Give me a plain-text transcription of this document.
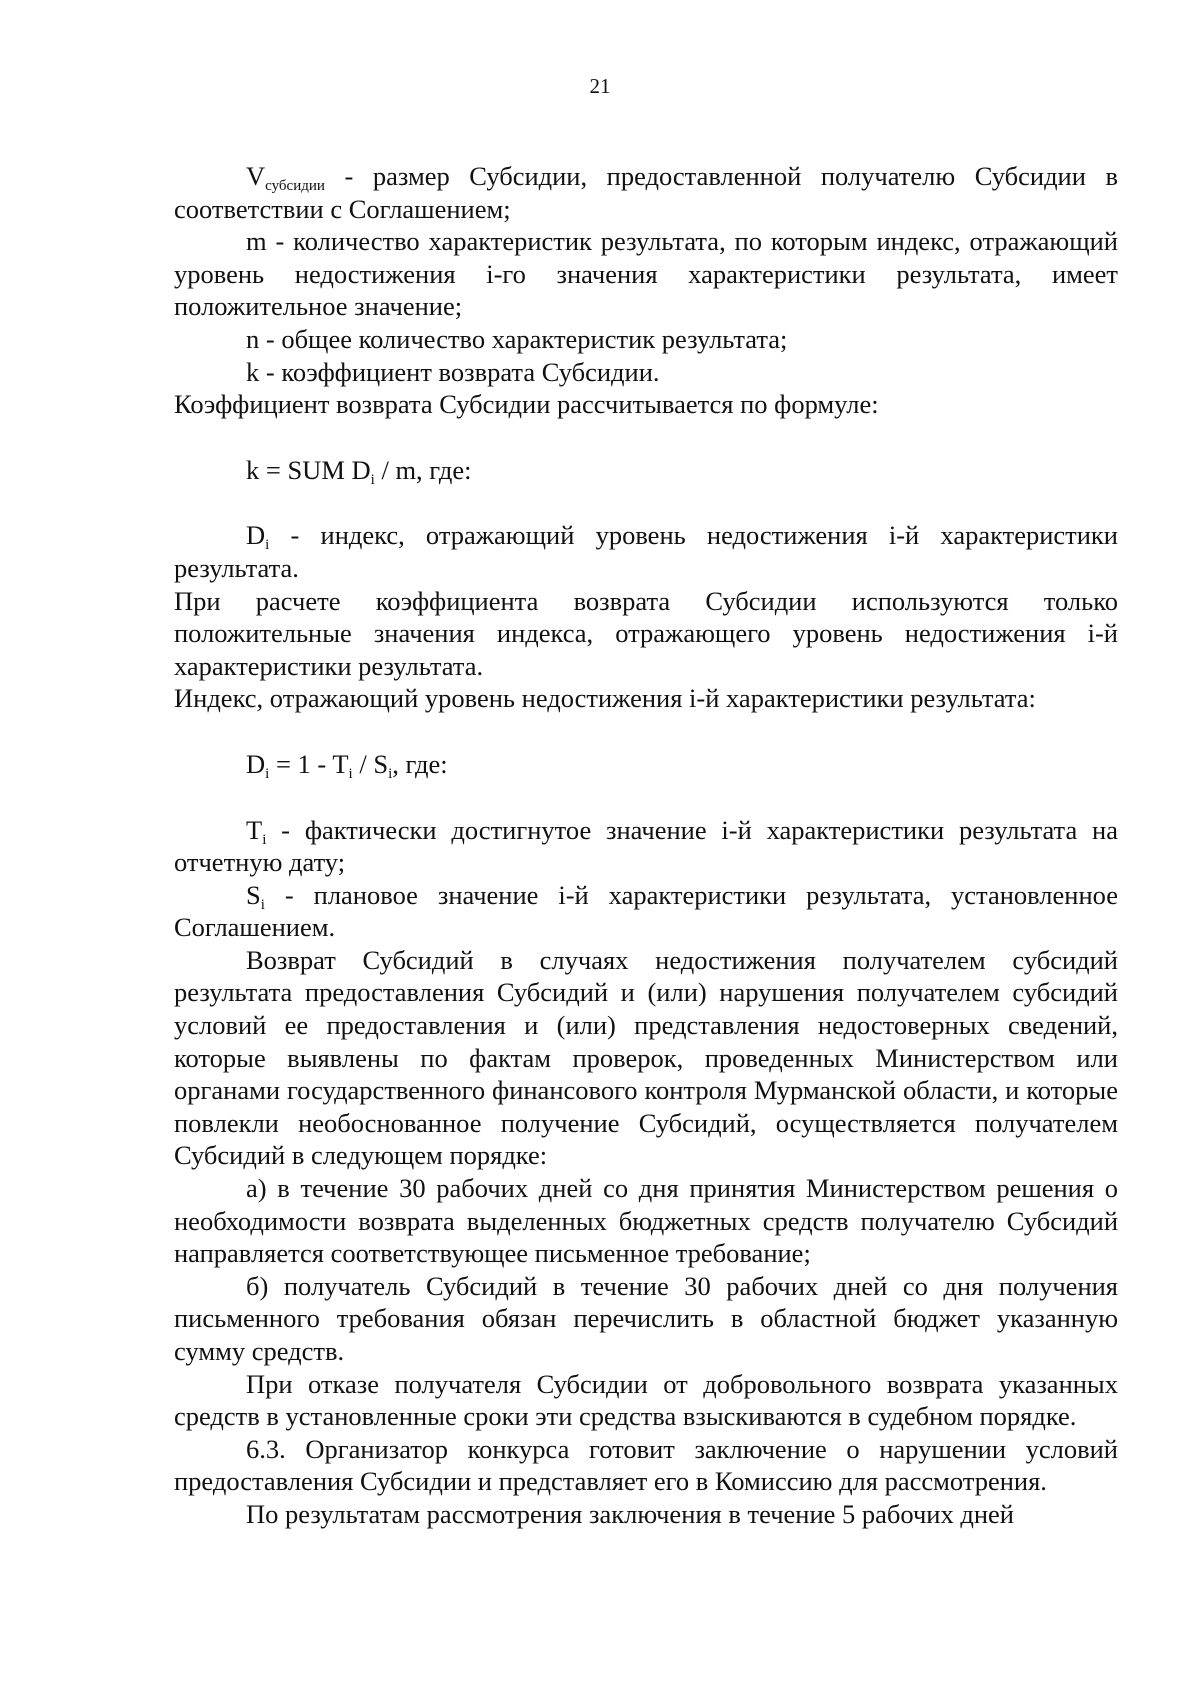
21

$V_{субсидии}$ - размер Субсидии, предоставленной получателю Субсидии в соответствии с Соглашением;

m - количество характеристик результата, по которым индекс, отражающий уровень недостижения i-го значения характеристики результата, имеет положительное значение;

n - общее количество характеристик результата;

k - коэффициент возврата Субсидии.

Коэффициент возврата Субсидии рассчитывается по формуле:

k = SUM $D_i$ / m, где:

$D_i$ - индекс, отражающий уровень недостижения i-й характеристики результата.

При расчете коэффициента возврата Субсидии используются только положительные значения индекса, отражающего уровень недостижения i-й характеристики результата.

Индекс, отражающий уровень недостижения i-й характеристики результата:

$D_i = 1 - T_i / S_i$, где:

$T_i$ - фактически достигнутое значение i-й характеристики результата на отчетную дату;

$S_i$ - плановое значение i-й характеристики результата, установленное Соглашением.

Возврат Субсидий в случаях недостижения получателем субсидий результата предоставления Субсидий и (или) нарушения получателем субсидий условий ее предоставления и (или) представления недостоверных сведений, которые выявлены по фактам проверок, проведенных Министерством или органами государственного финансового контроля Мурманской области, и которые повлекли необоснованное получение Субсидий, осуществляется получателем Субсидий в следующем порядке:

а) в течение 30 рабочих дней со дня принятия Министерством решения о необходимости возврата выделенных бюджетных средств получателю Субсидий направляется соответствующее письменное требование;

б) получатель Субсидий в течение 30 рабочих дней со дня получения письменного требования обязан перечислить в областной бюджет указанную сумму средств.

При отказе получателя Субсидии от добровольного возврата указанных средств в установленные сроки эти средства взыскиваются в судебном порядке.

6.3. Организатор конкурса готовит заключение о нарушении условий предоставления Субсидии и представляет его в Комиссию для рассмотрения.

По результатам рассмотрения заключения в течение 5 рабочих дней
